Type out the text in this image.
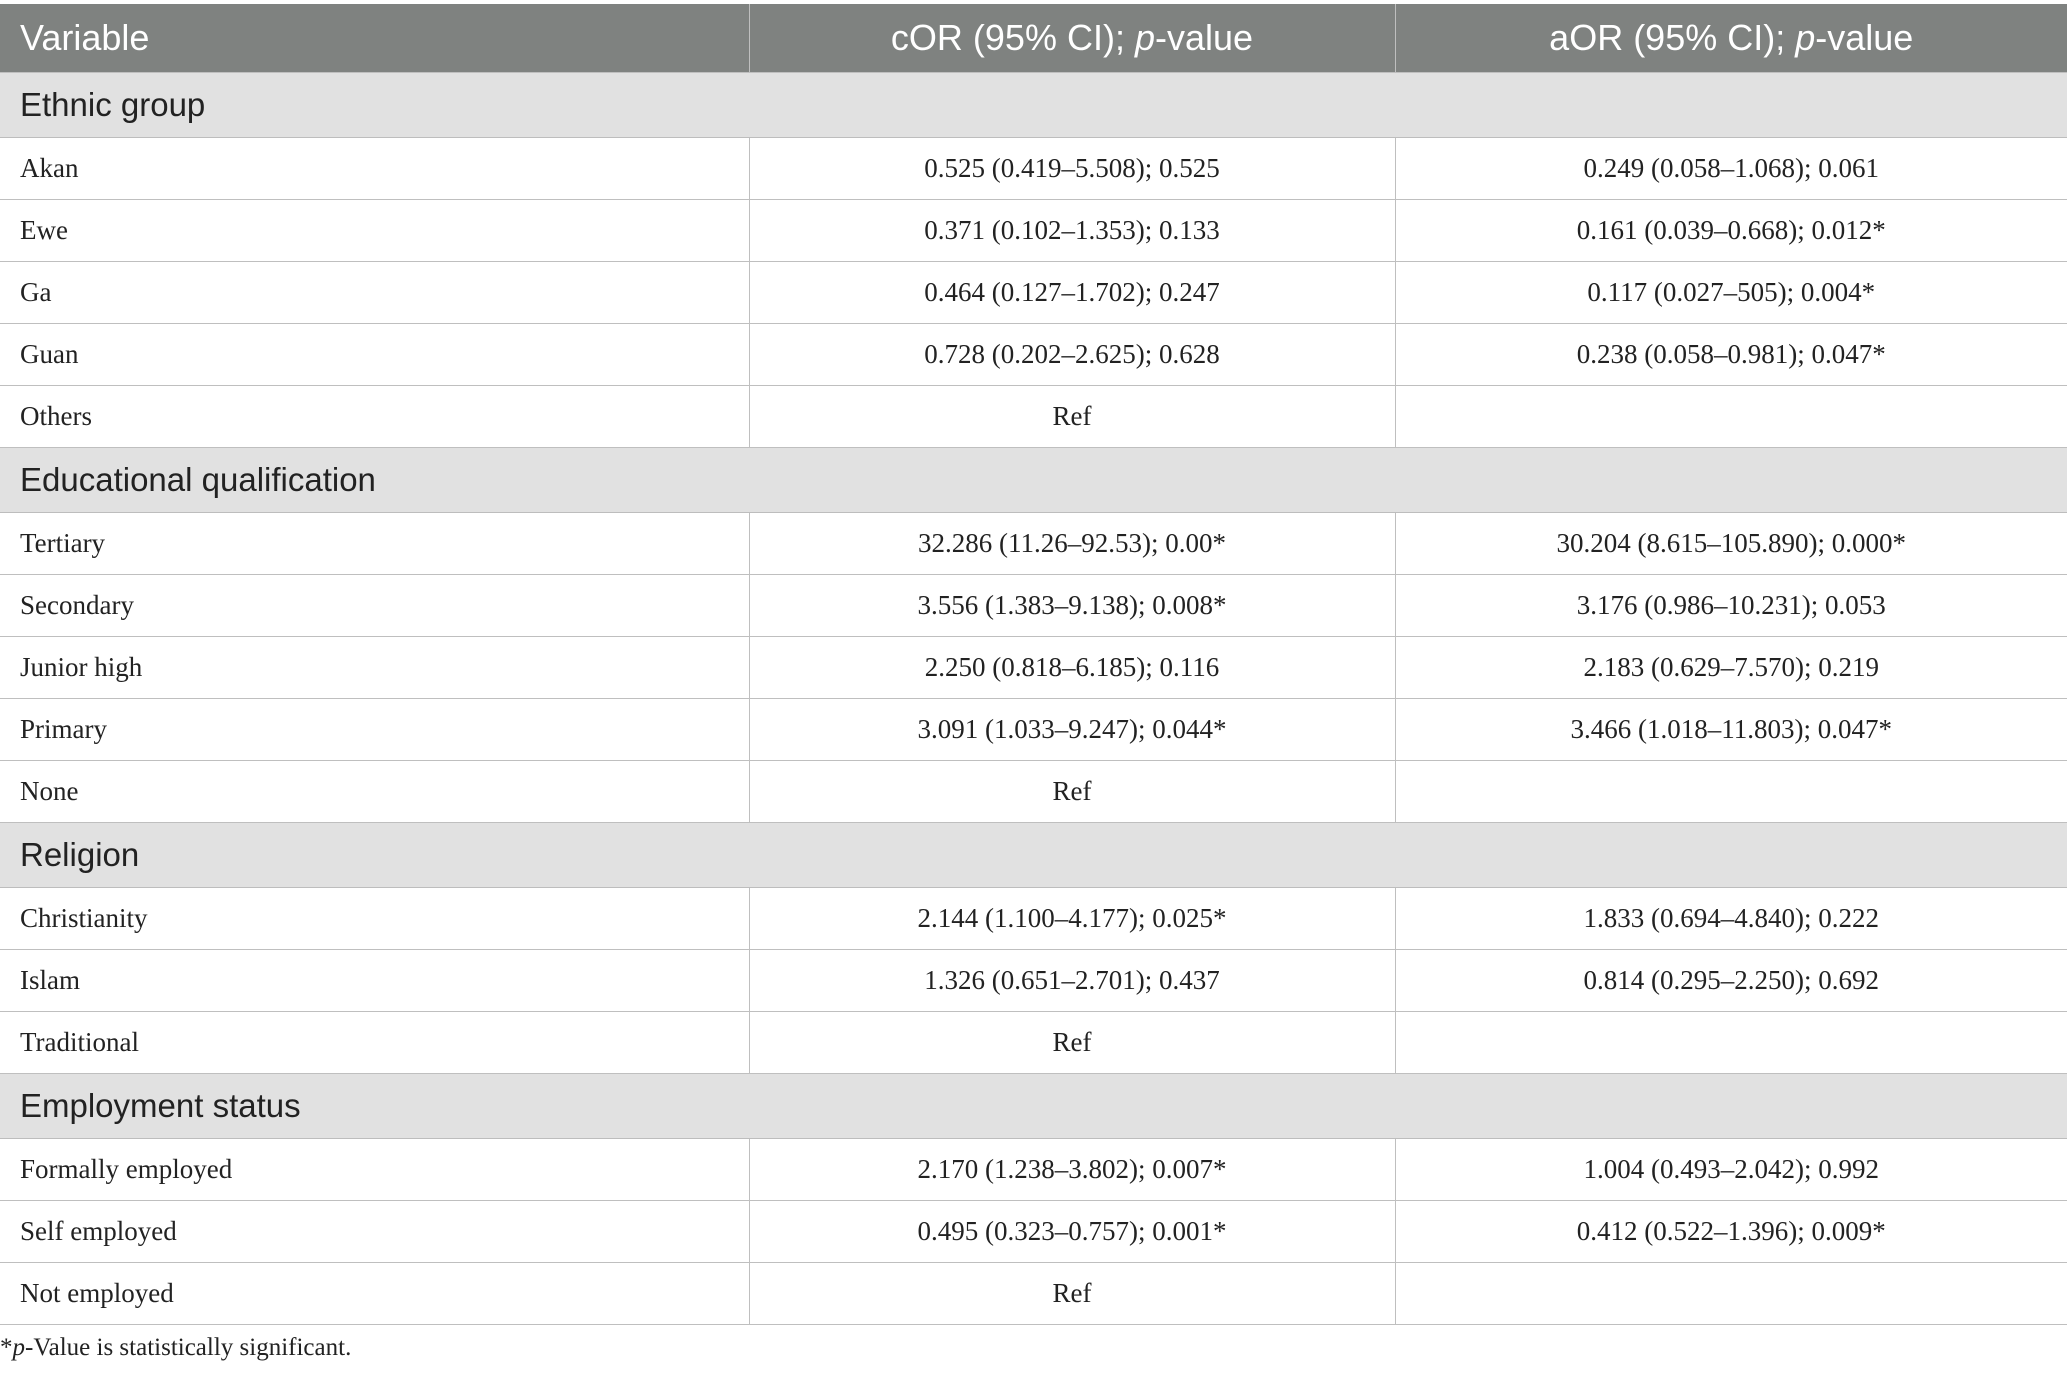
Variable	cOR (95% CI); p-value	aOR (95% CI); p-value
Ethnic group		
Akan	0.525 (0.419–5.508); 0.525	0.249 (0.058–1.068); 0.061
Ewe	0.371 (0.102–1.353); 0.133	0.161 (0.039–0.668); 0.012*
Ga	0.464 (0.127–1.702); 0.247	0.117 (0.027–505); 0.004*
Guan	0.728 (0.202–2.625); 0.628	0.238 (0.058–0.981); 0.047*
Others	Ref	
Educational qualification		
Tertiary	32.286 (11.26–92.53); 0.00*	30.204 (8.615–105.890); 0.000*
Secondary	3.556 (1.383–9.138); 0.008*	3.176 (0.986–10.231); 0.053
Junior high	2.250 (0.818–6.185); 0.116	2.183 (0.629–7.570); 0.219
Primary	3.091 (1.033–9.247); 0.044*	3.466 (1.018–11.803); 0.047*
None	Ref	
Religion		
Christianity	2.144 (1.100–4.177); 0.025*	1.833 (0.694–4.840); 0.222
Islam	1.326 (0.651–2.701); 0.437	0.814 (0.295–2.250); 0.692
Traditional	Ref	
Employment status		
Formally employed	2.170 (1.238–3.802); 0.007*	1.004 (0.493–2.042); 0.992
Self employed	0.495 (0.323–0.757); 0.001*	0.412 (0.522–1.396); 0.009*
Not employed	Ref	
*p-Value is statistically significant.
